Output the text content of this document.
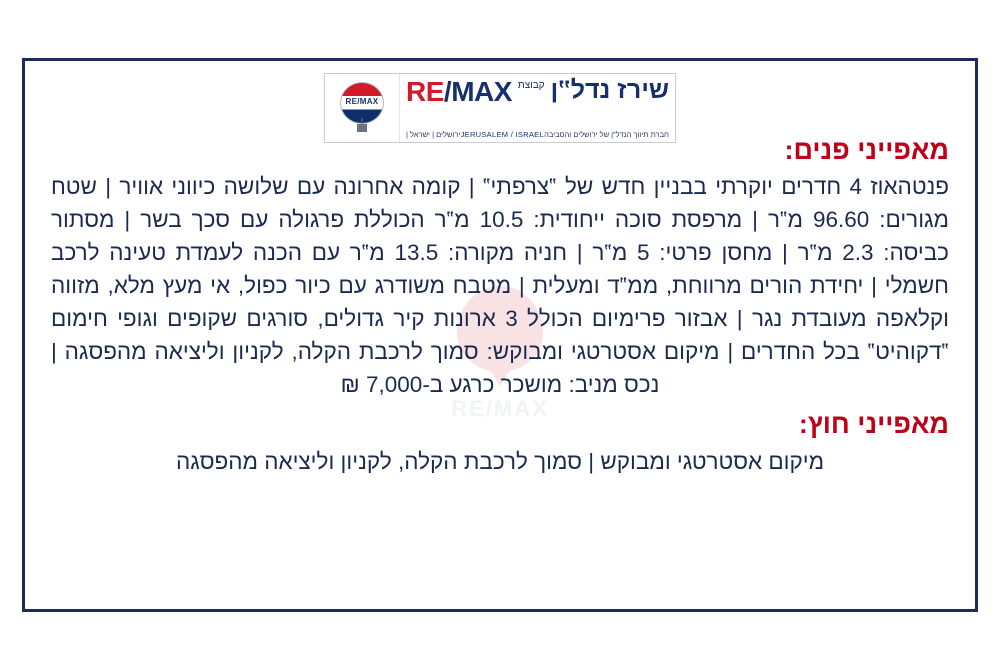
RE/MAX
RE/MAX	שירז נדל‟ן
קבוצת
RE/MAX
חברת תיווך הנדל‟ן של ירושלים והסביבה
JERUSALEM / ISRAEL
ירושלים | ישראל |
מאפייני פנים:

פנטהאוז 4 חדרים יוקרתי בבניין חדש של ‟צרפתי‟ | קומה אחרונה עם שלושה כיווני אוויר | שטח מגורים: 96.60 מ‟ר | מרפסת סוכה ייחודית: 10.5 מ‟ר הכוללת פרגולה עם סכך בשר | מסתור כביסה: 2.3 מ‟ר | מחסן פרטי: 5 מ‟ר | חניה מקורה: 13.5 מ‟ר עם הכנה לעמדת טעינה לרכב חשמלי | יחידת הורים מרווחת, ממ‟ד ומעלית | מטבח משודרג עם כיור כפול, אי מעץ מלא, מזווה וקלאפה מעובדת נגר | אבזור פרימיום הכולל 3 ארונות קיר גדולים, סורגים שקופים וגופי חימום ‟דקוהיט‟ בכל החדרים | מיקום אסטרטגי ומבוקש: סמוך לרכבת הקלה, לקניון וליציאה מהפסגה | נכס מניב: מושכר כרגע ב-7,000 ₪

מאפייני חוץ:

מיקום אסטרטגי ומבוקש | סמוך לרכבת הקלה, לקניון וליציאה מהפסגה
